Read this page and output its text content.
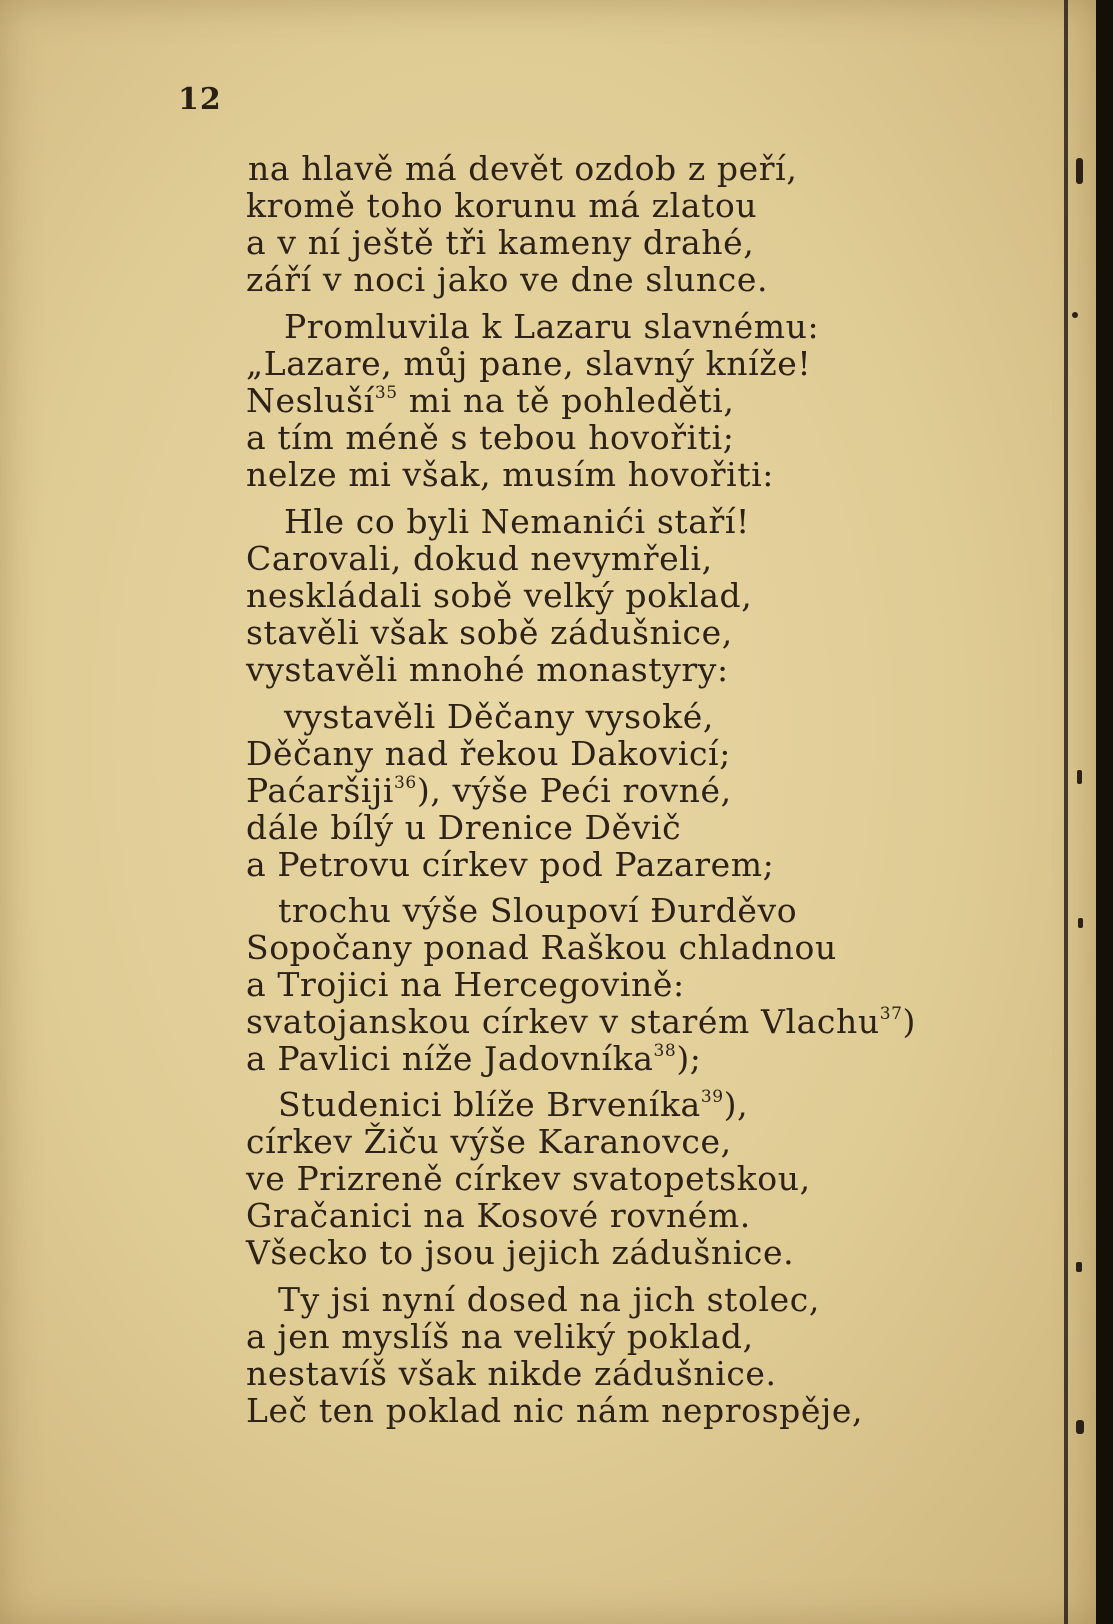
12
na hlavě má devět ozdob z peří,
kromě toho korunu má zlatou
a v ní ještě tři kameny drahé,
září v noci jako ve dne slunce.
Promluvila k Lazaru slavnému:
„Lazare, můj pane, slavný kníže!
Nesluší$^{35}$ mi na tě pohleděti,
a tím méně s tebou hovořiti;
nelze mi však, musím hovořiti:
Hle co byli Nemanići staří!
Carovali, dokud nevymřeli,
neskládali sobě velký poklad,
stavěli však sobě zádušnice,
vystavěli mnohé monastyry:
vystavěli Děčany vysoké,
Děčany nad řekou Dakovicí;
Paćaršiji$^{36}$), výše Peći rovné,
dále bílý u Drenice Děvič
a Petrovu církev pod Pazarem;
trochu výše Sloupoví Đurděvo
Sopočany ponad Raškou chladnou
a Trojici na Hercegovině:
svatojanskou církev v starém Vlachu$^{37}$)
a Pavlici níže Jadovníka$^{38}$);
Studenici blíže Brveníka$^{39}$),
církev Žiču výše Karanovce,
ve Prizreně církev svatopetskou,
Gračanici na Kosové rovném.
Všecko to jsou jejich zádušnice.
Ty jsi nyní dosed na jich stolec,
a jen myslíš na veliký poklad,
nestavíš však nikde zádušnice.
Leč ten poklad nic nám neprospěje,
